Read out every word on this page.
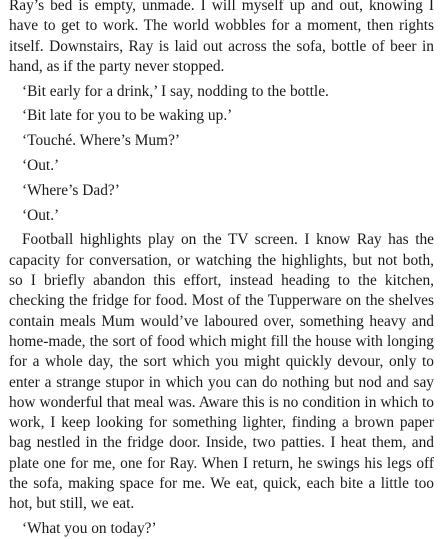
Ray’s bed is empty, unmade. I will myself up and out, knowing I have to get to work. The world wobbles for a moment, then rights itself. Downstairs, Ray is laid out across the sofa, bottle of beer in hand, as if the party never stopped.

‘Bit early for a drink,’ I say, nodding to the bottle.

‘Bit late for you to be waking up.’

‘Touché. Where’s Mum?’

‘Out.’

‘Where’s Dad?’

‘Out.’

Football highlights play on the TV screen. I know Ray has the capacity for conversation, or watching the highlights, but not both, so I briefly abandon this effort, instead heading to the kitchen, checking the fridge for food. Most of the Tupperware on the shelves contain meals Mum would’ve laboured over, something heavy and home-made, the sort of food which might fill the house with longing for a whole day, the sort which you might quickly devour, only to enter a strange stupor in which you can do nothing but nod and say how wonderful that meal was. Aware this is no condition in which to work, I keep looking for something lighter, finding a brown paper bag nestled in the fridge door. Inside, two patties. I heat them, and plate one for me, one for Ray. When I return, he swings his legs off the sofa, making space for me. We eat, quick, each bite a little too hot, but still, we eat.

‘What you on today?’
